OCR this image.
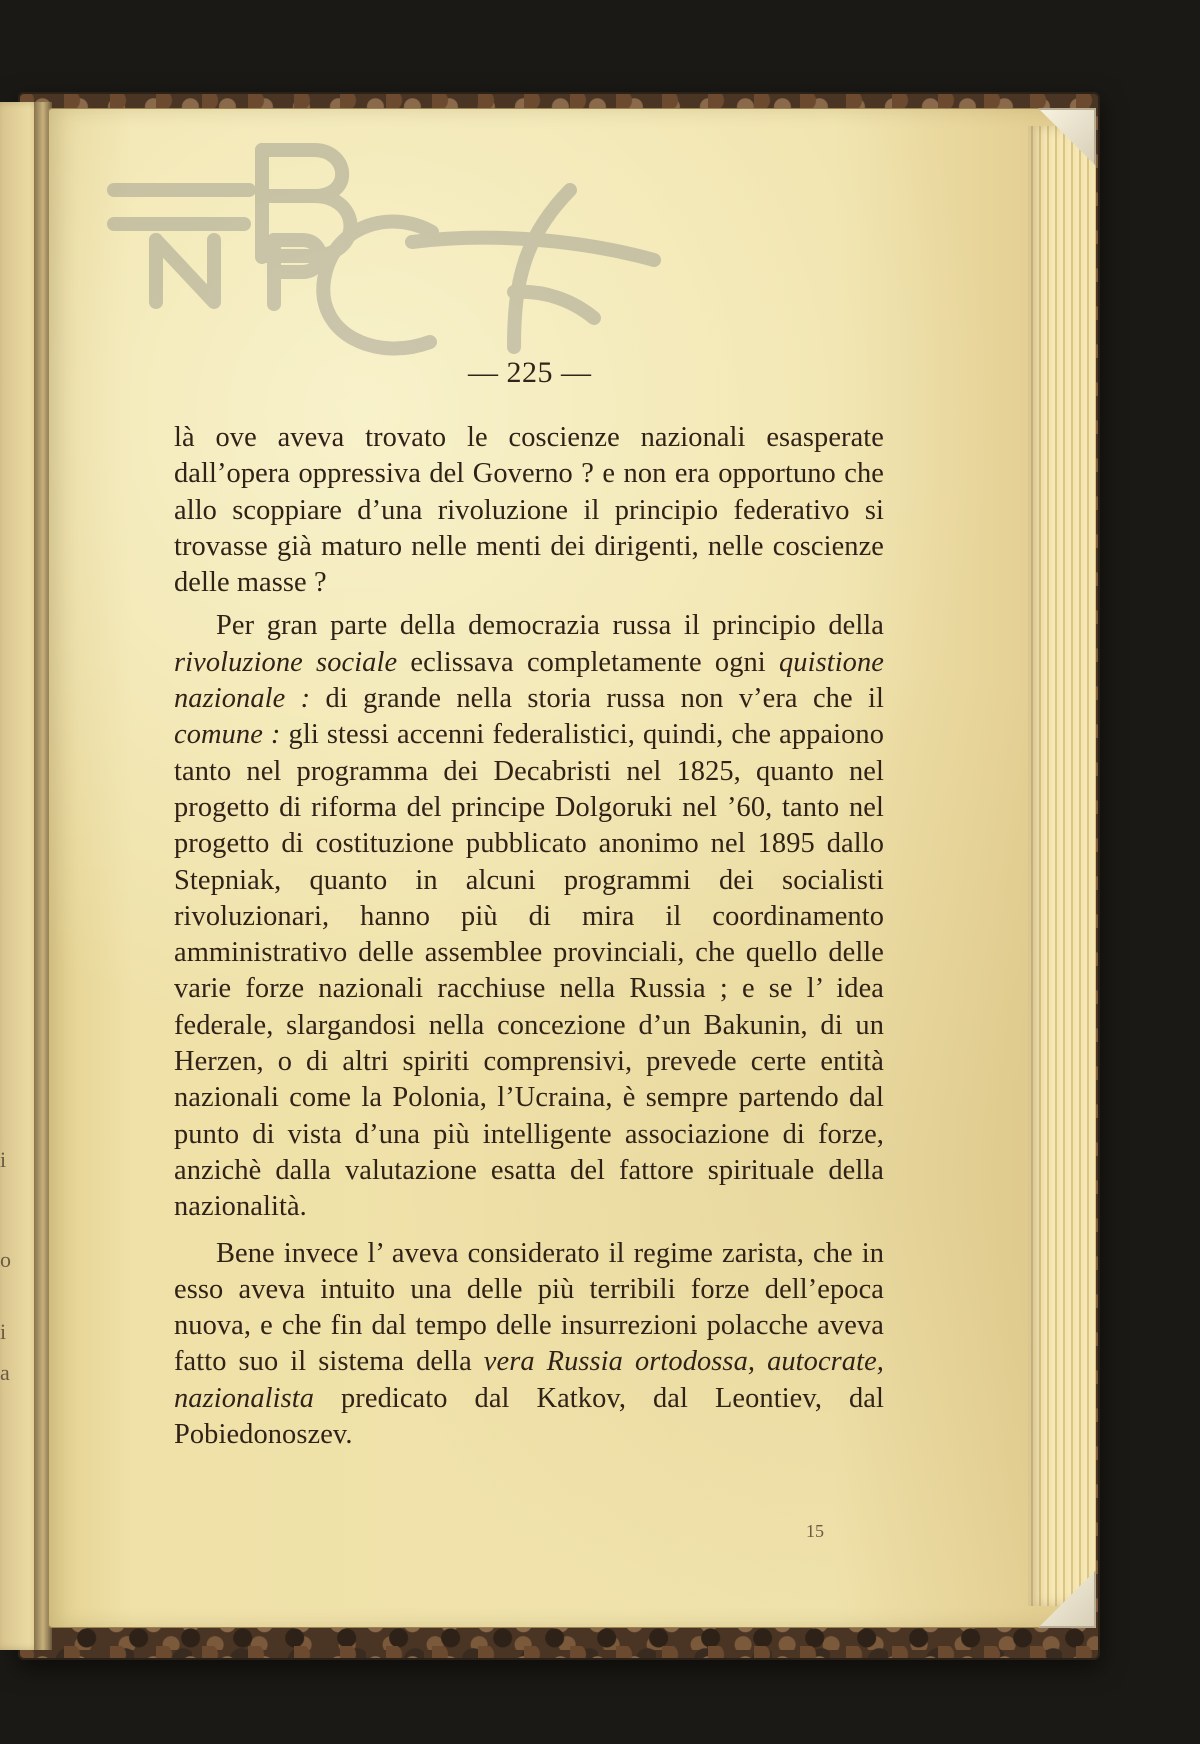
— 225 —

là ove aveva trovato le coscienze nazionali esasperate dall’opera oppressiva del Governo ? e non era opportuno che allo scoppiare d’una rivoluzione il principio federativo si trovasse già maturo nelle menti dei dirigenti, nelle coscienze delle masse ?

Per gran parte della democrazia russa il principio della rivoluzione sociale eclissava completamente ogni quistione nazionale : di grande nella storia russa non v’era che il comune : gli stessi accenni federalistici, quindi, che appaiono tanto nel programma dei Decabristi nel 1825, quanto nel progetto di riforma del principe Dolgoruki nel ’60, tanto nel progetto di costituzione pubblicato anonimo nel 1895 dallo Stepniak, quanto in alcuni programmi dei socialisti rivoluzionari, hanno più di mira il coordinamento amministrativo delle assemblee provinciali, che quello delle varie forze nazionali racchiuse nella Russia ; e se l’ idea federale, slargandosi nella concezione d’un Bakunin, di un Herzen, o di altri spiriti comprensivi, prevede certe entità nazionali come la Polonia, l’Ucraina, è sempre partendo dal punto di vista d’una più intelligente associazione di forze, anzichè dalla valutazione esatta del fattore spirituale della nazionalità.

Bene invece l’ aveva considerato il regime zarista, che in esso aveva intuito una delle più terribili forze dell’epoca nuova, e che fin dal tempo delle insurrezioni polacche aveva fatto suo il sistema della vera Russia ortodossa, autocrate, nazionalista predicato dal Katkov, dal Leontiev, dal Pobiedonoszev.

15
i
o
i
a
